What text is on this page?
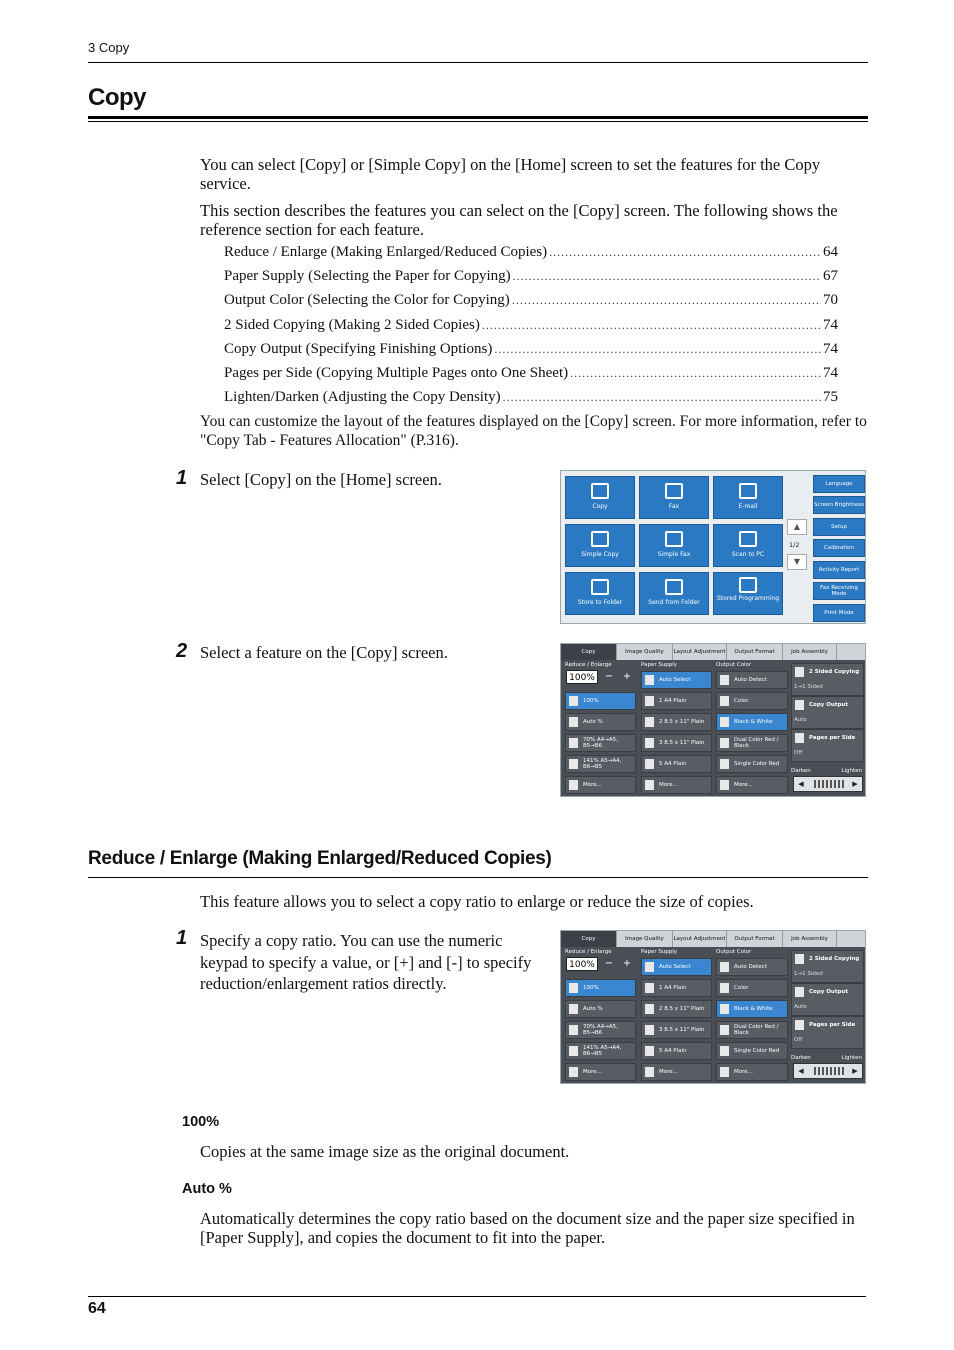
3 Copy
Copy
You can select [Copy] or [Simple Copy] on the [Home] screen to set the features for the Copy service.
This section describes the features you can select on the [Copy] screen. The following shows the reference section for each feature.
Reduce / Enlarge (Making Enlarged/Reduced Copies) .....	64
Paper Supply (Selecting the Paper for Copying) .....	67
Output Color (Selecting the Color for Copying) .....	70
2 Sided Copying (Making 2 Sided Copies) .....	74
Copy Output (Specifying Finishing Options) .....	74
Pages per Side (Copying Multiple Pages onto One Sheet) .....	74
Lighten/Darken (Adjusting the Copy Density) .....	75
You can customize the layout of the features displayed on the [Copy] screen. For more information, refer to "Copy Tab - Features Allocation" (P.316).
1 Select [Copy] on the [Home] screen.
Copy	Fax	E-mail
Simple Copy	Simple Fax	Scan to PC
Store to Folder	Send from Folder
Stored Programming
▲
1/2
▼
Language
Screen Brightness
Setup
Calibration
Activity Report
Fax Receiving Mode
Print Mode
2 Select a feature on the [Copy] screen.	Copy	Image Quality	Layout Adjustment	Output Format	Job Assembly
Reduce / Enlarge	Paper Supply	Output Color
100% − +
100%
Auto %
70% A4→A5, B5→B6
141% A5→A4, B6→B5
More...
Auto Select
1 A4 Plain
2 8.5 x 11" Plain
3 8.5 x 11" Plain
5 A4 Plain
More...
Auto Detect
Color
Black & White
Dual Color Red / Black
Single Color Red
More...
2 Sided Copying
1→1 Sided
Copy Output
Auto
Pages per Side
Off
Darken	Lighten
◀	▶
Reduce / Enlarge (Making Enlarged/Reduced Copies)
This feature allows you to select a copy ratio to enlarge or reduce the size of copies.
1 Specify a copy ratio. You can use the numeric keypad to specify a value, or [+] and [-] to specify reduction/enlargement ratios directly.
Copy	Image Quality	Layout Adjustment	Output Format	Job Assembly
Reduce / Enlarge	Paper Supply	Output Color
100% − +
100%
Auto %
70% A4→A5, B5→B6
141% A5→A4, B6→B5
More...
Auto Select
1 A4 Plain
2 8.5 x 11" Plain
3 8.5 x 11" Plain
5 A4 Plain
More...
Auto Detect
Color
Black & White
Dual Color Red / Black
Single Color Red
More...
2 Sided Copying
1→1 Sided
Copy Output
Auto
Pages per Side
Off
Darken	Lighten
◀	▶
100%
Copies at the same image size as the original document.
Auto %
Automatically determines the copy ratio based on the document size and the paper size specified in [Paper Supply], and copies the document to fit into the paper.
64
